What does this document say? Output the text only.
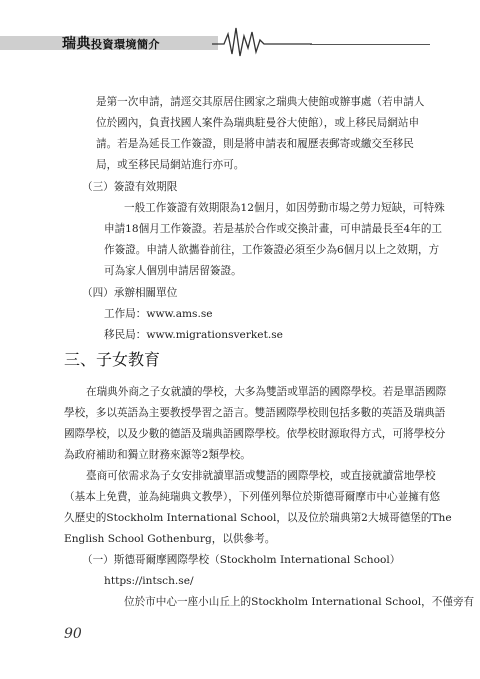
瑞典投資環境簡介
是第一次申請，請逕交其原居住國家之瑞典大使館或辦事處（若申請人
位於國內，負責找國人案件為瑞典駐曼谷大使館），或上移民局網站申
請。若是為延長工作簽證，則是將申請表和履歷表郵寄或繳交至移民
局，或至移民局網站進行亦可。
（三）簽證有效期限
一般工作簽證有效期限為12個月，如因勞動市場之勞力短缺，可特殊
申請18個月工作簽證。若是基於合作或交換計畫，可申請最長至4年的工
作簽證。申請人欲攜眷前往，工作簽證必須至少為6個月以上之效期，方
可為家人個別申請居留簽證。
（四）承辦相關單位
工作局：www.ams.se
移民局：www.migrationsverket.se
三、子女教育
在瑞典外商之子女就讀的學校，大多為雙語或單語的國際學校。若是單語國際
學校，多以英語為主要教授學習之語言。雙語國際學校則包括多數的英語及瑞典語
國際學校，以及少數的德語及瑞典語國際學校。依學校財源取得方式，可將學校分
為政府補助和獨立財務來源等2類學校。
臺商可依需求為子女安排就讀單語或雙語的國際學校，或直接就讀當地學校
（基本上免費，並為純瑞典文教學），下列僅列舉位於斯德哥爾摩市中心並擁有悠
久歷史的Stockholm International School，以及位於瑞典第2大城哥德堡的The
English School Gothenburg，以供參考。
（一）斯德哥爾摩國際學校（Stockholm International School）
https://intsch.se/
位於市中心一座小山丘上的Stockholm International School，不僅旁有
90
